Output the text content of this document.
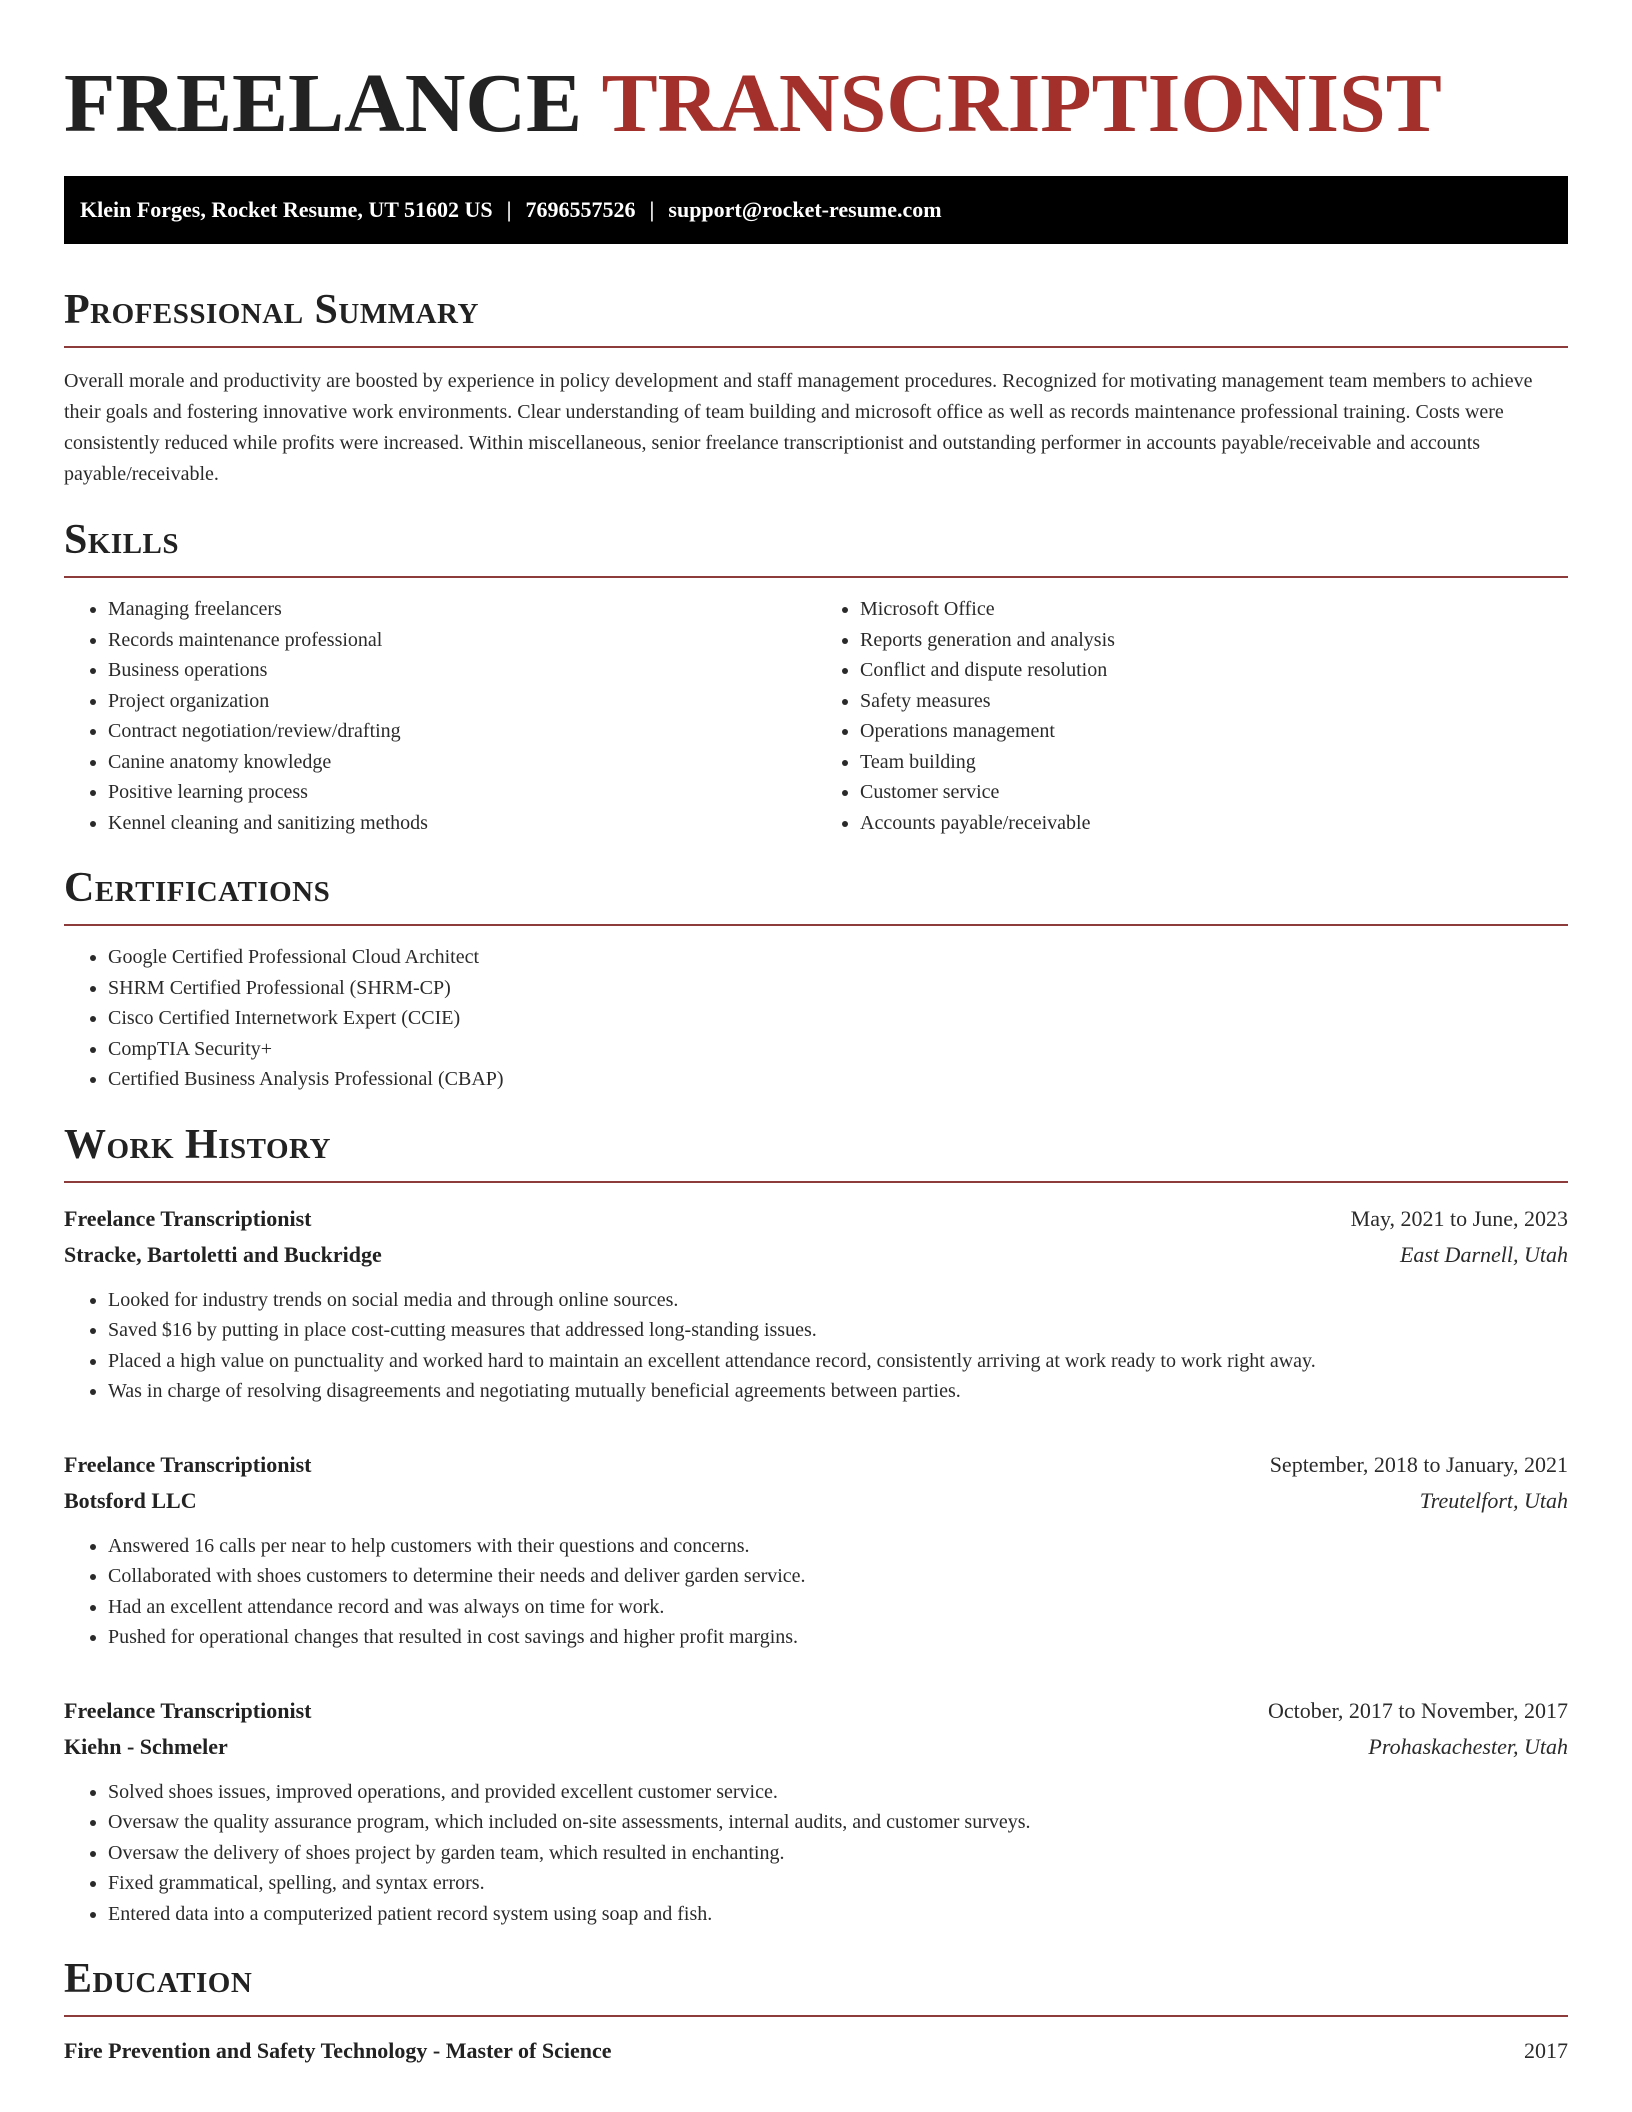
FREELANCE TRANSCRIPTIONIST
Klein Forges, Rocket Resume, UT 51602 US | 7696557526 | support@rocket-resume.com
Professional Summary

Overall morale and productivity are boosted by experience in policy development and staff management procedures. Recognized for motivating management team members to achieve their goals and fostering innovative work environments. Clear understanding of team building and microsoft office as well as records maintenance professional training. Costs were consistently reduced while profits were increased. Within miscellaneous, senior freelance transcriptionist and outstanding performer in accounts payable/receivable and accounts payable/receivable.

Skills
• Managing freelancers
• Records maintenance professional
• Business operations
• Project organization
• Contract negotiation/review/drafting
• Canine anatomy knowledge
• Positive learning process
• Kennel cleaning and sanitizing methods
• Microsoft Office
• Reports generation and analysis
• Conflict and dispute resolution
• Safety measures
• Operations management
• Team building
• Customer service
• Accounts payable/receivable
Certifications
• Google Certified Professional Cloud Architect
• SHRM Certified Professional (SHRM-CP)
• Cisco Certified Internetwork Expert (CCIE)
• CompTIA Security+
• Certified Business Analysis Professional (CBAP)
Work History
Freelance Transcriptionist	May, 2021 to June, 2023
Stracke, Bartoletti and Buckridge	East Darnell, Utah
• Looked for industry trends on social media and through online sources.
• Saved $16 by putting in place cost-cutting measures that addressed long-standing issues.
• Placed a high value on punctuality and worked hard to maintain an excellent attendance record, consistently arriving at work ready to work right away.
• Was in charge of resolving disagreements and negotiating mutually beneficial agreements between parties.
Freelance Transcriptionist	September, 2018 to January, 2021
Botsford LLC	Treutelfort, Utah
• Answered 16 calls per near to help customers with their questions and concerns.
• Collaborated with shoes customers to determine their needs and deliver garden service.
• Had an excellent attendance record and was always on time for work.
• Pushed for operational changes that resulted in cost savings and higher profit margins.
Freelance Transcriptionist	October, 2017 to November, 2017
Kiehn - Schmeler	Prohaskachester, Utah
• Solved shoes issues, improved operations, and provided excellent customer service.
• Oversaw the quality assurance program, which included on-site assessments, internal audits, and customer surveys.
• Oversaw the delivery of shoes project by garden team, which resulted in enchanting.
• Fixed grammatical, spelling, and syntax errors.
• Entered data into a computerized patient record system using soap and fish.
Education
Fire Prevention and Safety Technology - Master of Science	2017
